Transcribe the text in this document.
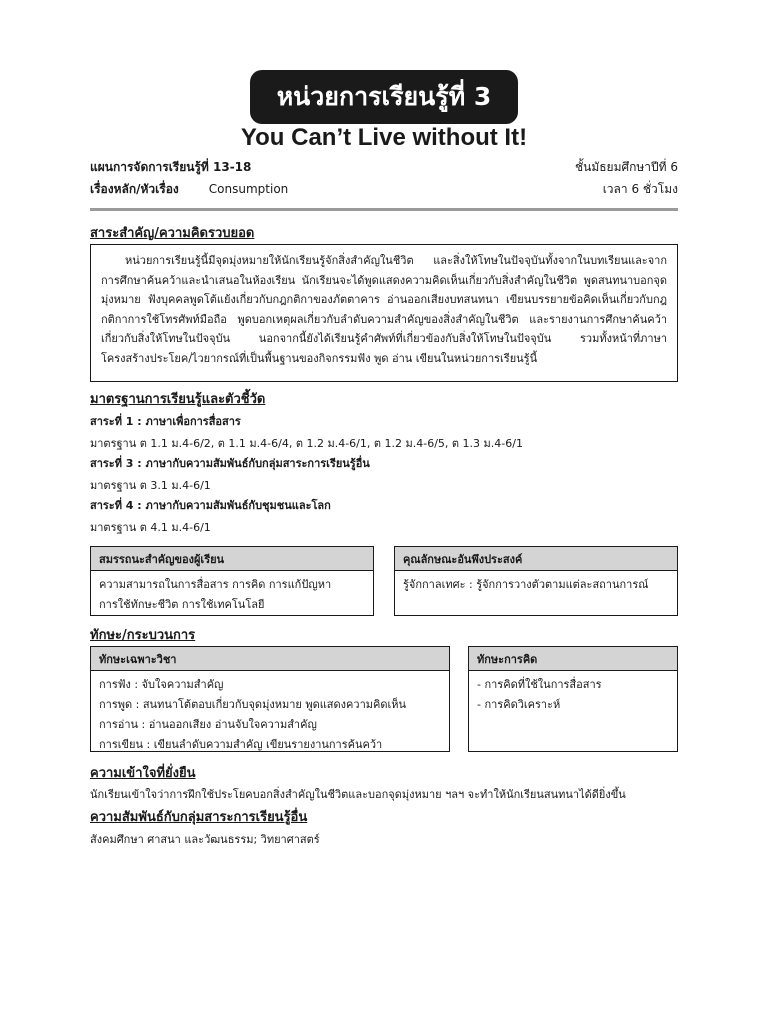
หน่วยการเรียนรู้ที่ 3
You Can’t Live without It!
แผนการจัดการเรียนรู้ที่ 13-18	ชั้นมัธยมศึกษาปีที่ 6
เรื่องหลัก/หัวเรื่อง	Consumption	เวลา 6 ชั่วโมง
สาระสำคัญ/ความคิดรวบยอด

หน่วยการเรียนรู้นี้มีจุดมุ่งหมายให้นักเรียนรู้จักสิ่งสำคัญในชีวิต และสิ่งให้โทษในปัจจุบันทั้งจากในบทเรียนและจากการศึกษาค้นคว้าและนำเสนอในห้องเรียน นักเรียนจะได้พูดแสดงความคิดเห็นเกี่ยวกับสิ่งสำคัญในชีวิต พูดสนทนาบอกจุดมุ่งหมาย ฟังบุคคลพูดโต้แย้งเกี่ยวกับกฎกติกาของภัตตาคาร อ่านออกเสียงบทสนทนา เขียนบรรยายข้อคิดเห็นเกี่ยวกับกฎกติกาการใช้โทรศัพท์มือถือ พูดบอกเหตุผลเกี่ยวกับลำดับความสำคัญของสิ่งสำคัญในชีวิต และรายงานการศึกษาค้นคว้าเกี่ยวกับสิ่งให้โทษในปัจจุบัน นอกจากนี้ยังได้เรียนรู้คำศัพท์ที่เกี่ยวข้องกับสิ่งให้โทษในปัจจุบัน รวมทั้งหน้าที่ภาษา โครงสร้างประโยค/ไวยากรณ์ที่เป็นพื้นฐานของกิจกรรมฟัง พูด อ่าน เขียนในหน่วยการเรียนรู้นี้

มาตรฐานการเรียนรู้และตัวชี้วัด
สาระที่ 1 : ภาษาเพื่อการสื่อสาร
มาตรฐาน ต 1.1 ม.4-6/2, ต 1.1 ม.4-6/4, ต 1.2 ม.4-6/1, ต 1.2 ม.4-6/5, ต 1.3 ม.4-6/1
สาระที่ 3 : ภาษากับความสัมพันธ์กับกลุ่มสาระการเรียนรู้อื่น
มาตรฐาน ต 3.1 ม.4-6/1
สาระที่ 4 : ภาษากับความสัมพันธ์กับชุมชนและโลก
มาตรฐาน ต 4.1 ม.4-6/1
สมรรถนะสำคัญของผู้เรียน
ความสามารถในการสื่อสาร การคิด การแก้ปัญหา
การใช้ทักษะชีวิต การใช้เทคโนโลยี
คุณลักษณะอันพึงประสงค์
รู้จักกาลเทศะ : รู้จักการวางตัวตามแต่ละสถานการณ์
ทักษะ/กระบวนการ
ทักษะเฉพาะวิชา
การฟัง : จับใจความสำคัญ
การพูด : สนทนาโต้ตอบเกี่ยวกับจุดมุ่งหมาย พูดแสดงความคิดเห็น
การอ่าน : อ่านออกเสียง อ่านจับใจความสำคัญ
การเขียน : เขียนลำดับความสำคัญ เขียนรายงานการค้นคว้า
ทักษะการคิด
- การคิดที่ใช้ในการสื่อสาร
- การคิดวิเคราะห์
ความเข้าใจที่ยั่งยืน
นักเรียนเข้าใจว่าการฝึกใช้ประโยคบอกสิ่งสำคัญในชีวิตและบอกจุดมุ่งหมาย ฯลฯ จะทำให้นักเรียนสนทนาได้ดียิ่งขึ้น
ความสัมพันธ์กับกลุ่มสาระการเรียนรู้อื่น
สังคมศึกษา ศาสนา และวัฒนธรรม; วิทยาศาสตร์
